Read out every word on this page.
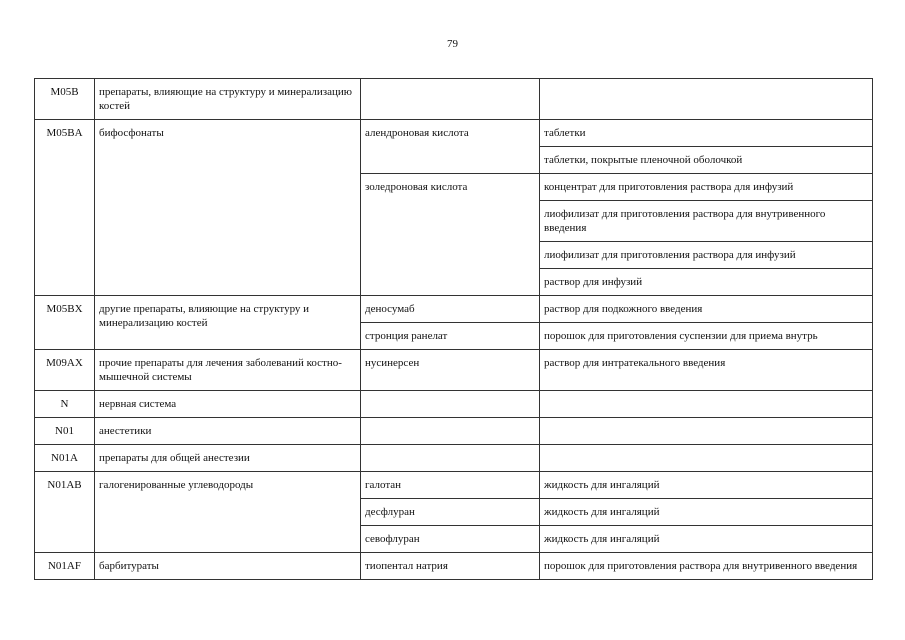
79
M05B	препараты, влияющие на структуру и минерализацию костей		
M05BA	бифосфонаты	алендроновая кислота	таблетки
			таблетки, покрытые пленочной оболочкой
		золедроновая кислота	концентрат для приготовления раствора для инфузий
			лиофилизат для приготовления раствора для внутривенного введения
			лиофилизат для приготовления раствора для инфузий
			раствор для инфузий
M05BX	другие препараты, влияющие на структуру и минерализацию костей	деносумаб	раствор для подкожного введения
		стронция ранелат	порошок для приготовления суспензии для приема внутрь
M09AX	прочие препараты для лечения заболеваний костно-мышечной системы	нусинерсен	раствор для интратекального введения
N	нервная система		
N01	анестетики		
N01A	препараты для общей анестезии		
N01AB	галогенированные углеводороды	галотан	жидкость для ингаляций
		десфлуран	жидкость для ингаляций
		севофлуран	жидкость для ингаляций
N01AF	барбитураты	тиопентал натрия	порошок для приготовления раствора для внутривенного введения
